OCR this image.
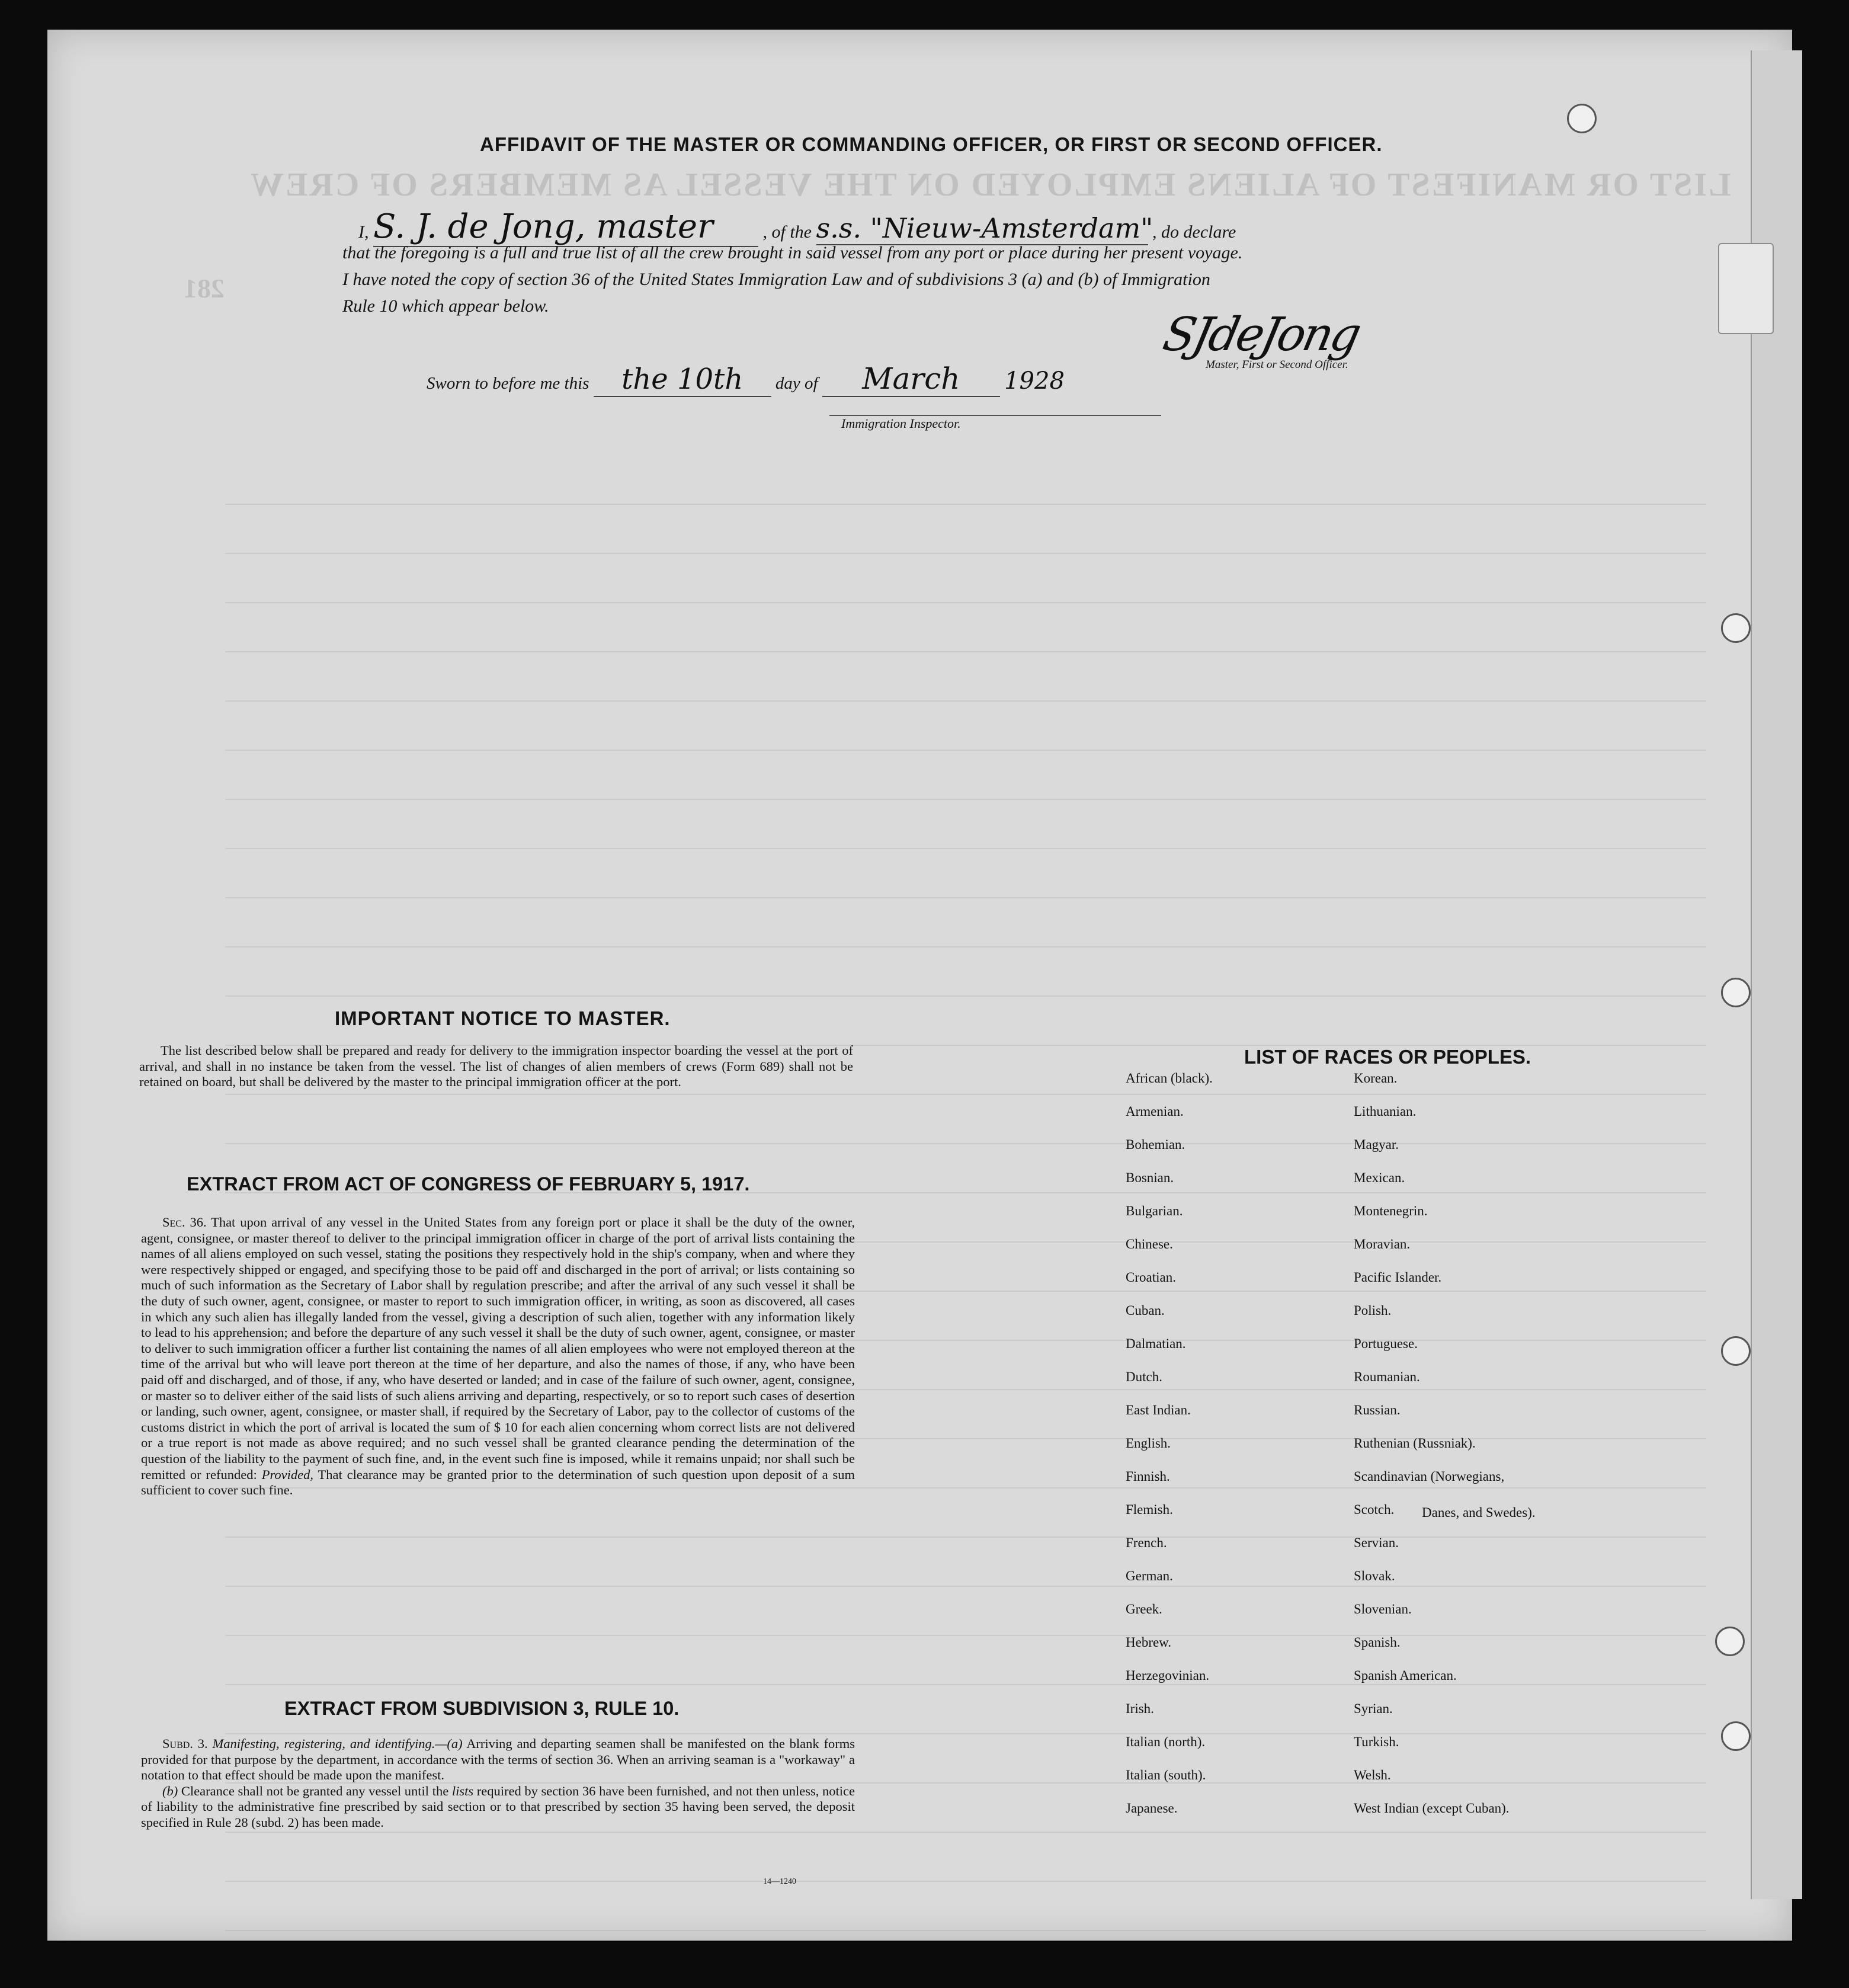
LIST OR MANIFEST OF ALIENS EMPLOYED ON THE VESSEL AS MEMBERS OF CREW
281
AFFIDAVIT OF THE MASTER OR COMMANDING OFFICER, OR FIRST OR SECOND OFFICER.
I, S. J. de Jong, master	, of the s.s. "Nieuw-Amsterdam" , do declare
that the foregoing is a full and true list of all the crew brought in said vessel from any port or place during her present voyage.
I have noted the copy of section 36 of the United States Immigration Law and of subdivisions 3 (a) and (b) of Immigration
Rule 10 which appear below.
SJdeJong
Master, First or Second Officer.
Sworn to before me this the 10th day of March 1928
Immigration Inspector.
IMPORTANT NOTICE TO MASTER.
The list described below shall be prepared and ready for delivery to the immigration inspector boarding the vessel at the port of arrival, and shall in no instance be taken from the vessel. The list of changes of alien members of crews (Form 689) shall not be retained on board, but shall be delivered by the master to the principal immigration officer at the port.
EXTRACT FROM ACT OF CONGRESS OF FEBRUARY 5, 1917.
Sec. 36. That upon arrival of any vessel in the United States from any foreign port or place it shall be the duty of the owner, agent, consignee, or master thereof to deliver to the principal immigration officer in charge of the port of arrival lists containing the names of all aliens employed on such vessel, stating the positions they respectively hold in the ship's company, when and where they were respectively shipped or engaged, and specifying those to be paid off and discharged in the port of arrival; or lists containing so much of such information as the Secretary of Labor shall by regulation prescribe; and after the arrival of any such vessel it shall be the duty of such owner, agent, consignee, or master to report to such immigration officer, in writing, as soon as discovered, all cases in which any such alien has illegally landed from the vessel, giving a description of such alien, together with any information likely to lead to his apprehension; and before the departure of any such vessel it shall be the duty of such owner, agent, consignee, or master to deliver to such immigration officer a further list containing the names of all alien employees who were not employed thereon at the time of the arrival but who will leave port thereon at the time of her departure, and also the names of those, if any, who have been paid off and discharged, and of those, if any, who have deserted or landed; and in case of the failure of such owner, agent, consignee, or master so to deliver either of the said lists of such aliens arriving and departing, respectively, or so to report such cases of desertion or landing, such owner, agent, consignee, or master shall, if required by the Secretary of Labor, pay to the collector of customs of the customs district in which the port of arrival is located the sum of $ 10 for each alien concerning whom correct lists are not delivered or a true report is not made as above required; and no such vessel shall be granted clearance pending the determination of the question of the liability to the payment of such fine, and, in the event such fine is imposed, while it remains unpaid; nor shall such be remitted or refunded: Provided, That clearance may be granted prior to the determination of such question upon deposit of a sum sufficient to cover such fine.
EXTRACT FROM SUBDIVISION 3, RULE 10.
Subd. 3. Manifesting, registering, and identifying.—(a) Arriving and departing seamen shall be manifested on the blank forms provided for that purpose by the department, in accordance with the terms of section 36. When an arriving seaman is a "workaway" a notation to that effect should be made upon the manifest.
(b) Clearance shall not be granted any vessel until the lists required by section 36 have been furnished, and not then unless, notice of liability to the administrative fine prescribed by said section or to that prescribed by section 35 having been served, the deposit specified in Rule 28 (subd. 2) has been made.
14—1240
LIST OF RACES OR PEOPLES.
Danes, and Swedes).
African (black).
Armenian.
Bohemian.
Bosnian.
Bulgarian.
Chinese.
Croatian.
Cuban.
Dalmatian.
Dutch.
East Indian.
English.
Finnish.
Flemish.
French.
German.
Greek.
Hebrew.
Herzegovinian.
Irish.
Italian (north).
Italian (south).
Japanese.
Korean.
Lithuanian.
Magyar.
Mexican.
Montenegrin.
Moravian.
Pacific Islander.
Polish.
Portuguese.
Roumanian.
Russian.
Ruthenian (Russniak).
Scandinavian (Norwegians,
Scotch.
Servian.
Slovak.
Slovenian.
Spanish.
Spanish American.
Syrian.
Turkish.
Welsh.
West Indian (except Cuban).
